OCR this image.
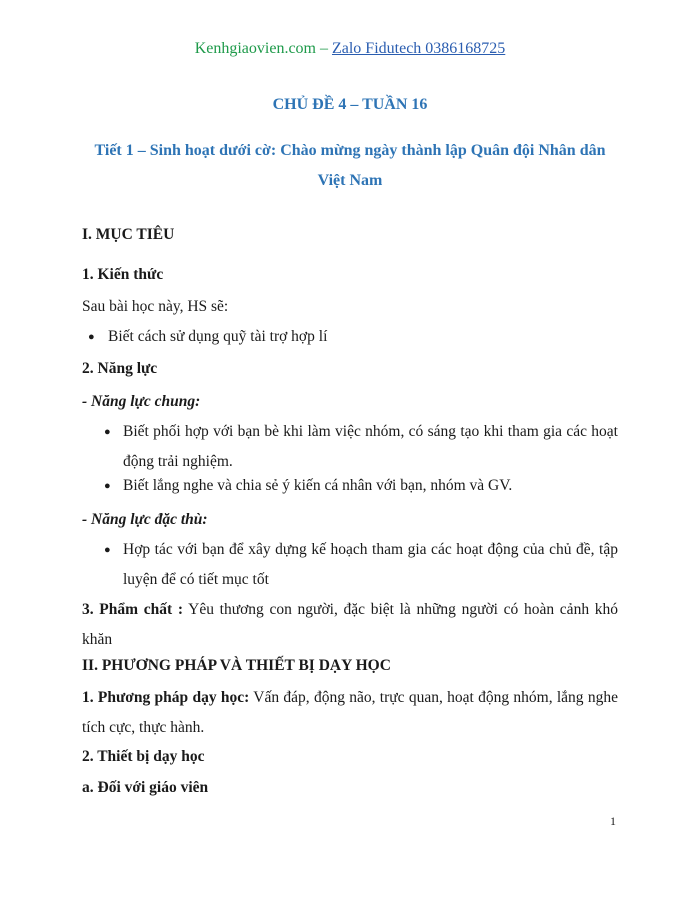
Kenhgiaovien.com – Zalo Fidutech 0386168725
CHỦ ĐỀ 4 – TUẦN 16
Tiết 1 – Sinh hoạt dưới cờ: Chào mừng ngày thành lập Quân đội Nhân dân Việt Nam
I. MỤC TIÊU
1. Kiến thức
Sau bài học này, HS sẽ:
● Biết cách sử dụng quỹ tài trợ hợp lí
2. Năng lực
- Năng lực chung:
● Biết phối hợp với bạn bè khi làm việc nhóm, có sáng tạo khi tham gia các hoạt động trải nghiệm.
● Biết lắng nghe và chia sẻ ý kiến cá nhân với bạn, nhóm và GV.
- Năng lực đặc thù:
● Hợp tác với bạn để xây dựng kế hoạch tham gia các hoạt động của chủ đề, tập luyện để có tiết mục tốt
3. Phẩm chất : Yêu thương con người, đặc biệt là những người có hoàn cảnh khó khăn
II. PHƯƠNG PHÁP VÀ THIẾT BỊ DẠY HỌC
1. Phương pháp dạy học: Vấn đáp, động não, trực quan, hoạt động nhóm, lắng nghe tích cực, thực hành.
2. Thiết bị dạy học
a. Đối với giáo viên
1
